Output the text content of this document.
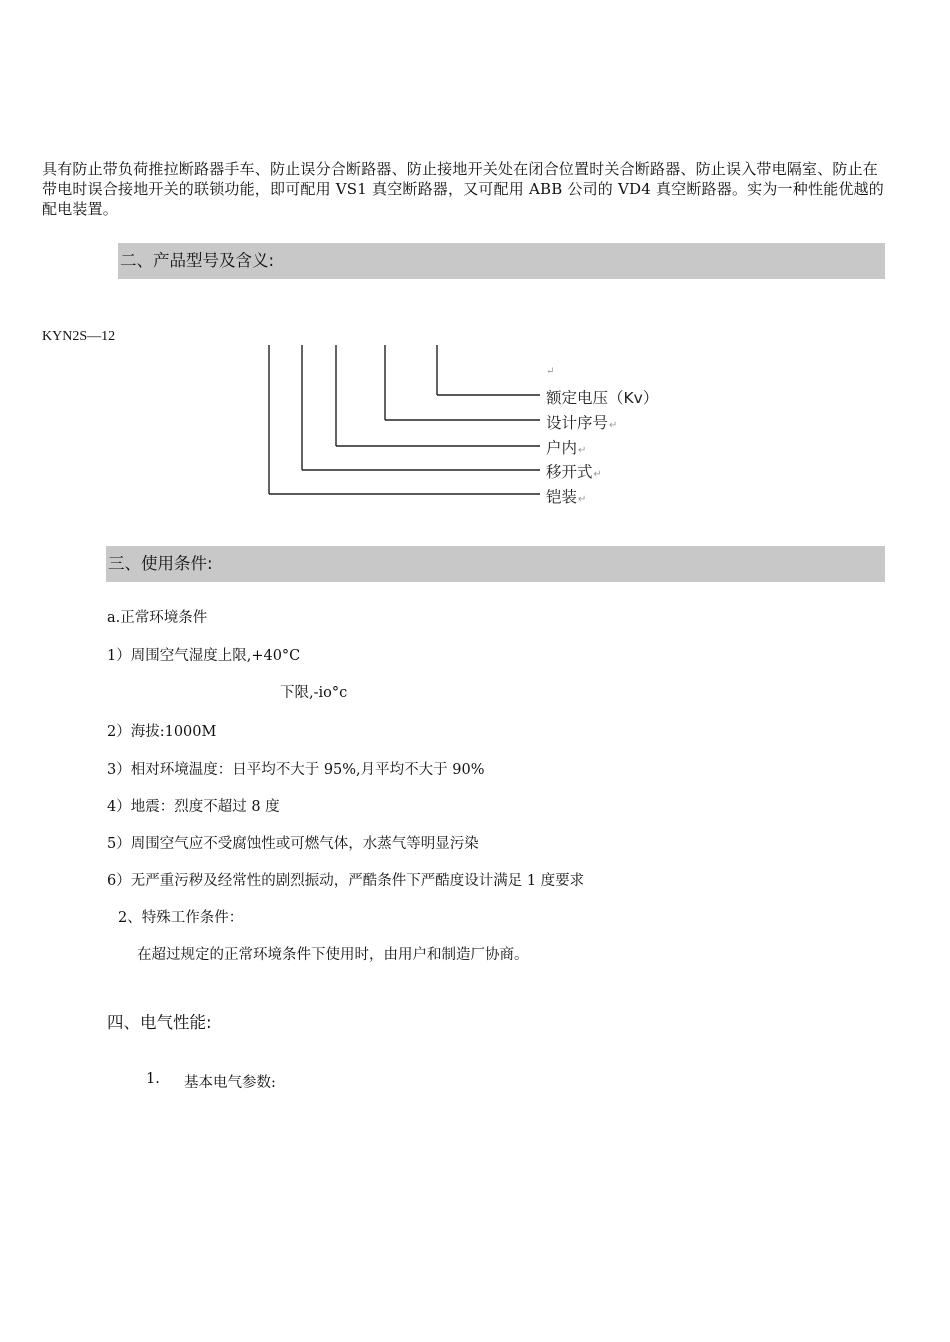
具有防止带负荷推拉断路器手车、防止误分合断路器、防止接地开关处在闭合位置时关合断路器、防止误入带电隔室、防止在带电时误合接地开关的联锁功能，即可配用 VS1 真空断路器，又可配用 ABB 公司的 VD4 真空断路器。实为一种性能优越的配电装置。
二、产品型号及含义:
KYN2S—12
↵
额定电压（Kv）
设计序号↵
户内↵
移开式↵
铠装↵
三、使用条件:
a.正常环境条件
1）周围空气湿度上限,+40°C
下限,-io°c
2）海拔:1000M
3）相对环境温度：日平均不大于 95%,月平均不大于 90%
4）地震：烈度不超过 8 度
5）周围空气应不受腐蚀性或可燃气体，水蒸气等明显污染
6）无严重污秽及经常性的剧烈振动，严酷条件下严酷度设计满足 1 度要求
2、特殊工作条件：
在超过规定的正常环境条件下使用时，由用户和制造厂协商。
四、电气性能:
1. 基本电气参数:
